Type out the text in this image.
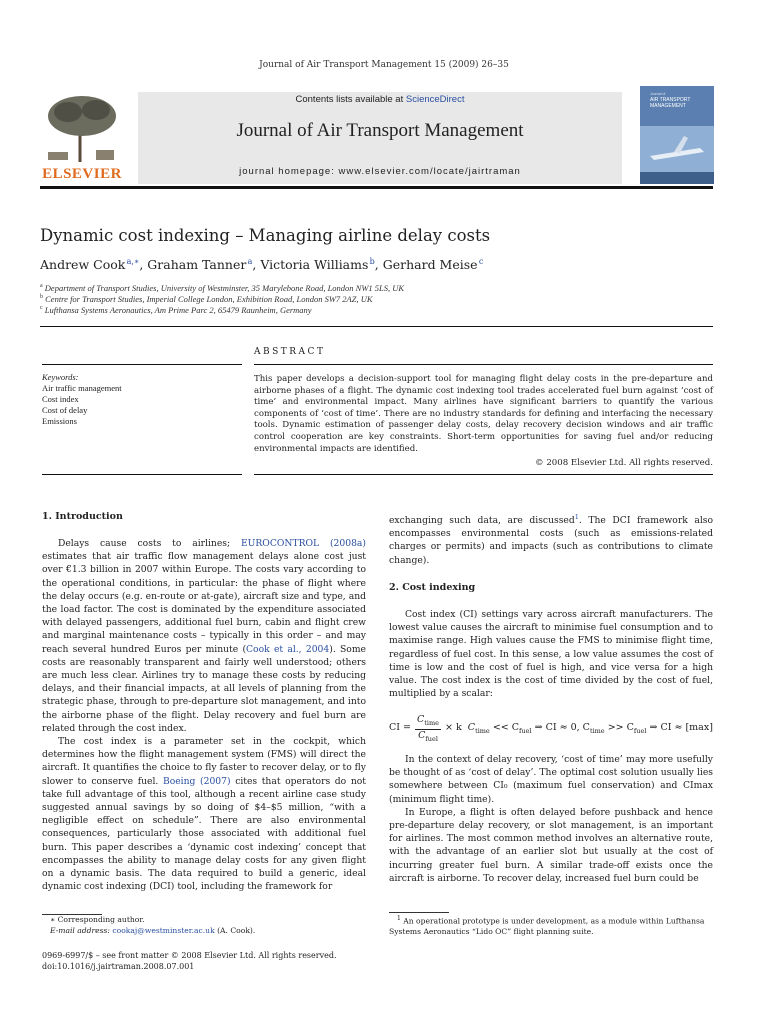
Journal of Air Transport Management 15 (2009) 26–35
ELSEVIER
Contents lists available at ScienceDirect
Journal of Air Transport Management
journal homepage: www.elsevier.com/locate/jairtraman
Journal of
AIR TRANSPORT MANAGEMENT
Dynamic cost indexing – Managing airline delay costs
Andrew Cook $^{a,∗}$, Graham Tanner $^a$, Victoria Williams $^b$, Gerhard Meise $^c$
$^a$ Department of Transport Studies, University of Westminster, 35 Marylebone Road, London NW1 5LS, UK
$^b$ Centre for Transport Studies, Imperial College London, Exhibition Road, London SW7 2AZ, UK
$^c$ Lufthansa Systems Aeronautics, Am Prime Parc 2, 65479 Raunheim, Germany
ABSTRACT
Keywords:
Air traffic management
Cost index
Cost of delay
Emissions
This paper develops a decision-support tool for managing flight delay costs in the pre-departure and airborne phases of a flight. The dynamic cost indexing tool trades accelerated fuel burn against ‘cost of time’ and environmental impact. Many airlines have significant barriers to quantify the various components of ‘cost of time’. There are no industry standards for defining and interfacing the necessary tools. Dynamic estimation of passenger delay costs, delay recovery decision windows and air traffic control cooperation are key constraints. Short-term opportunities for saving fuel and/or reducing environmental impacts are identified.
© 2008 Elsevier Ltd. All rights reserved.
1. Introduction

Delays cause costs to airlines; EUROCONTROL (2008a) estimates that air traffic flow management delays alone cost just over €1.3 billion in 2007 within Europe. The costs vary according to the operational conditions, in particular: the phase of flight where the delay occurs (e.g. en-route or at-gate), aircraft size and type, and the load factor. The cost is dominated by the expenditure associated with delayed passengers, additional fuel burn, cabin and flight crew and marginal maintenance costs – typically in this order – and may reach several hundred Euros per minute (Cook et al., 2004). Some costs are reasonably transparent and fairly well understood; others are much less clear. Airlines try to manage these costs by reducing delays, and their financial impacts, at all levels of planning from the strategic phase, through to pre-departure slot management, and into the airborne phase of the flight. Delay recovery and fuel burn are related through the cost index.

The cost index is a parameter set in the cockpit, which determines how the flight management system (FMS) will direct the aircraft. It quantifies the choice to fly faster to recover delay, or to fly slower to conserve fuel. Boeing (2007) cites that operators do not take full advantage of this tool, although a recent airline case study suggested annual savings by so doing of $4–$5 million, “with a negligible effect on schedule”. There are also environmental consequences, particularly those associated with additional fuel burn. This paper describes a ‘dynamic cost indexing’ concept that encompasses the ability to manage delay costs for any given flight on a dynamic basis. The data required to build a generic, ideal dynamic cost indexing (DCI) tool, including the framework for

∗ Corresponding author.
E-mail address: cookaj@westminster.ac.uk (A. Cook).
0969-6997/$ – see front matter © 2008 Elsevier Ltd. All rights reserved.
doi:10.1016/j.jairtraman.2008.07.001

exchanging such data, are discussed$^1$. The DCI framework also encompasses environmental costs (such as emissions-related charges or permits) and impacts (such as contributions to climate change).

2. Cost indexing

Cost index (CI) settings vary across aircraft manufacturers. The lowest value causes the aircraft to minimise fuel consumption and to maximise range. High values cause the FMS to minimise flight time, regardless of fuel cost. In this sense, a low value assumes the cost of time is low and the cost of fuel is high, and vice versa for a high value. The cost index is the cost of time divided by the cost of fuel, multiplied by a scalar:

CI =
$C_{time}$
$C_{fuel}$
× k $C_{time} << C_{fuel}$ ⇒ CI ≈ 0, $C_{time} >> C_{fuel}$ ⇒ CI ≈ [max]

In the context of delay recovery, ‘cost of time’ may more usefully be thought of as ‘cost of delay’. The optimal cost solution usually lies somewhere between CI₀ (maximum fuel conservation) and CImax (minimum flight time).

In Europe, a flight is often delayed before pushback and hence pre-departure delay recovery, or slot management, is an important for airlines. The most common method involves an alternative route, with the advantage of an earlier slot but usually at the cost of incurring greater fuel burn. A similar trade-off exists once the aircraft is airborne. To recover delay, increased fuel burn could be

$^1$ An operational prototype is under development, as a module within Lufthansa Systems Aeronautics “Lido OC” flight planning suite.
